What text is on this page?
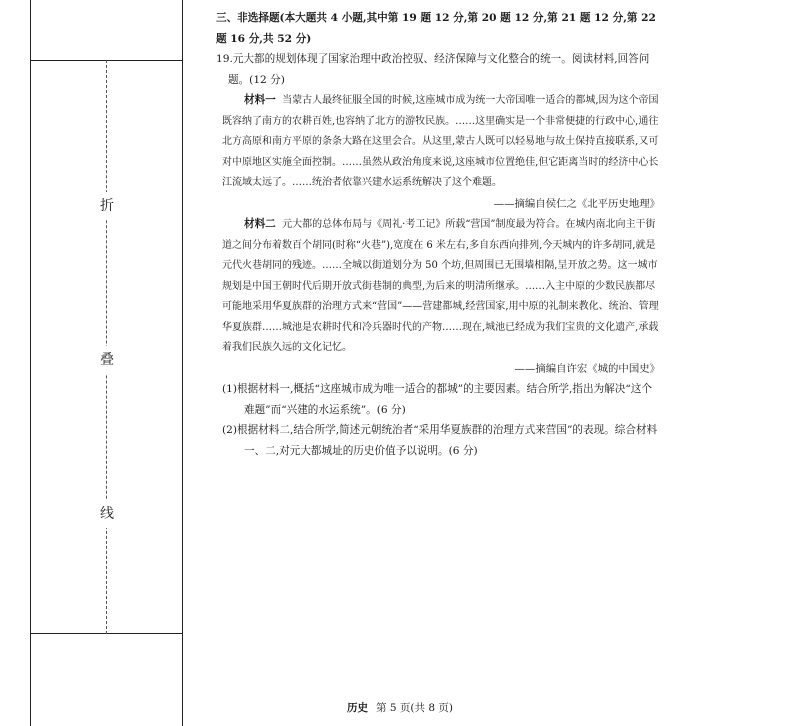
折
叠
线

三、非选择题(本大题共 4 小题,其中第 19 题 12 分,第 20 题 12 分,第 21 题 12 分,第 22 题 16 分,共 52 分)

19.元大都的规划体现了国家治理中政治控驭、经济保障与文化整合的统一。阅读材料,回答问题。(12 分)

材料一 当蒙古人最终征服全国的时候,这座城市成为统一大帝国唯一适合的都城,因为这个帝国既容纳了南方的农耕百姓,也容纳了北方的游牧民族。……这里确实是一个非常便捷的行政中心,通往北方高原和南方平原的条条大路在这里会合。从这里,蒙古人既可以轻易地与故土保持直接联系,又可对中原地区实施全面控制。……虽然从政治角度来说,这座城市位置绝佳,但它距离当时的经济中心长江流域太远了。……统治者依靠兴建水运系统解决了这个难题。

——摘编自侯仁之《北平历史地理》

材料二 元大都的总体布局与《周礼·考工记》所载“营国”制度最为符合。在城内南北向主干街道之间分布着数百个胡同(时称“火巷”),宽度在 6 米左右,多自东西向排列,今天城内的许多胡同,就是元代火巷胡同的残迹。……全城以街道划分为 50 个坊,但周围已无围墙相隔,呈开放之势。这一城市规划是中国王朝时代后期开放式街巷制的典型,为后来的明清所继承。……入主中原的少数民族都尽可能地采用华夏族群的治理方式来“营国”——营建都城,经营国家,用中原的礼制来教化、统治、管理华夏族群……城池是农耕时代和冷兵器时代的产物……现在,城池已经成为我们宝贵的文化遗产,承载着我们民族久远的文化记忆。

——摘编自许宏《城的中国史》

(1)根据材料一,概括“这座城市成为唯一适合的都城”的主要因素。结合所学,指出为解决“这个难题”而“兴建的水运系统”。(6 分)

(2)根据材料二,结合所学,简述元朝统治者“采用华夏族群的治理方式来营国”的表现。综合材料一、二,对元大都城址的历史价值予以说明。(6 分)

历史 第 5 页(共 8 页)
